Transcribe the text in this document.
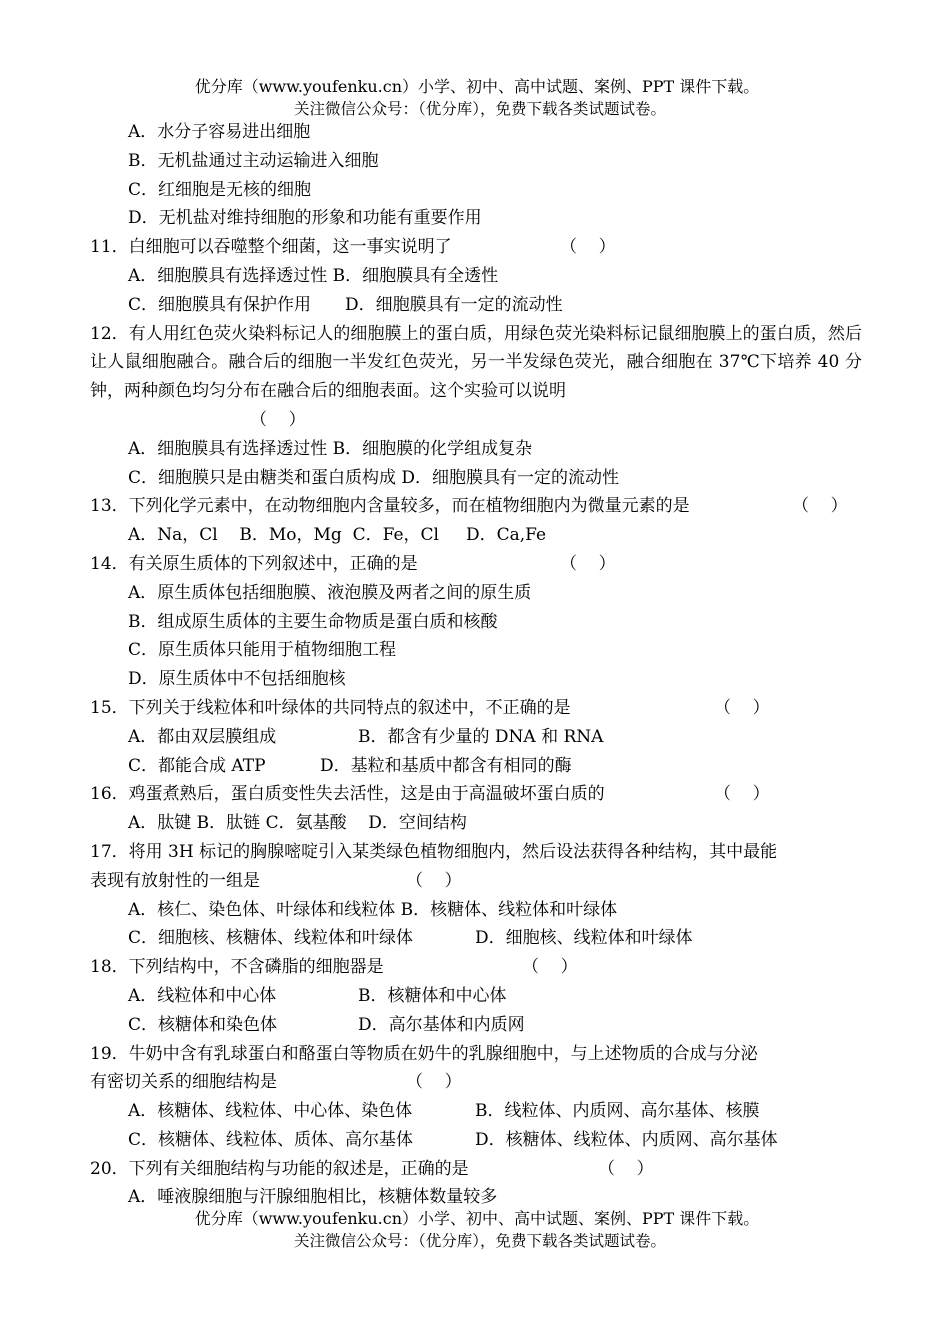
优分库（www.youfenku.cn）小学、初中、高中试题、案例、PPT 课件下载。
关注微信公众号：（优分库），免费下载各类试题试卷。
A．水分子容易进出细胞
B．无机盐通过主动运输进入细胞
C．红细胞是无核的细胞
D．无机盐对维持细胞的形象和功能有重要作用
11．白细胞可以吞噬整个细菌，这一事实说明了	（    ）
A．细胞膜具有选择透过性 B．细胞膜具有全透性
C．细胞膜具有保护作用 D．细胞膜具有一定的流动性
12．有人用红色荧火染料标记人的细胞膜上的蛋白质，用绿色荧光染料标记鼠细胞膜上的蛋白质，然后让人鼠细胞融合。融合后的细胞一半发红色荧光，另一半发绿色荧光，融合细胞在 37℃下培养 40 分钟，两种颜色均匀分布在融合后的细胞表面。这个实验可以说明
（    ）
A．细胞膜具有选择透过性 B．细胞膜的化学组成复杂
C．细胞膜只是由糖类和蛋白质构成 D．细胞膜具有一定的流动性
13．下列化学元素中，在动物细胞内含量较多，而在植物细胞内为微量元素的是	（    ）
A．Na，Cl    B．Mo，Mg  C．Fe，Cl     D．Ca,Fe
14．有关原生质体的下列叙述中，正确的是	（    ）
A．原生质体包括细胞膜、液泡膜及两者之间的原生质
B．组成原生质体的主要生命物质是蛋白质和核酸
C．原生质体只能用于植物细胞工程
D．原生质体中不包括细胞核
15．下列关于线粒体和叶绿体的共同特点的叙述中，不正确的是	（    ）
A．都由双层膜组成	B．都含有少量的 DNA 和 RNA
C．都能合成 ATP	D．基粒和基质中都含有相同的酶
16．鸡蛋煮熟后，蛋白质变性失去活性，这是由于高温破坏蛋白质的	（    ）
A．肽键 B．肽链 C．氨基酸    D．空间结构
17．将用 3H 标记的胸腺嘧啶引入某类绿色植物细胞内，然后设法获得各种结构，其中最能
表现有放射性的一组是	（    ）
A．核仁、染色体、叶绿体和线粒体 B．核糖体、线粒体和叶绿体
C．细胞核、核糖体、线粒体和叶绿体	D．细胞核、线粒体和叶绿体
18．下列结构中，不含磷脂的细胞器是	（    ）
A．线粒体和中心体	B．核糖体和中心体
C．核糖体和染色体	D．高尔基体和内质网
19．牛奶中含有乳球蛋白和酪蛋白等物质在奶牛的乳腺细胞中，与上述物质的合成与分泌
有密切关系的细胞结构是	（    ）
A．核糖体、线粒体、中心体、染色体	B．线粒体、内质网、高尔基体、核膜
C．核糖体、线粒体、质体、高尔基体	D．核糖体、线粒体、内质网、高尔基体
20．下列有关细胞结构与功能的叙述是，正确的是	（    ）
A．唾液腺细胞与汗腺细胞相比，核糖体数量较多
优分库（www.youfenku.cn）小学、初中、高中试题、案例、PPT 课件下载。
关注微信公众号：（优分库），免费下载各类试题试卷。
